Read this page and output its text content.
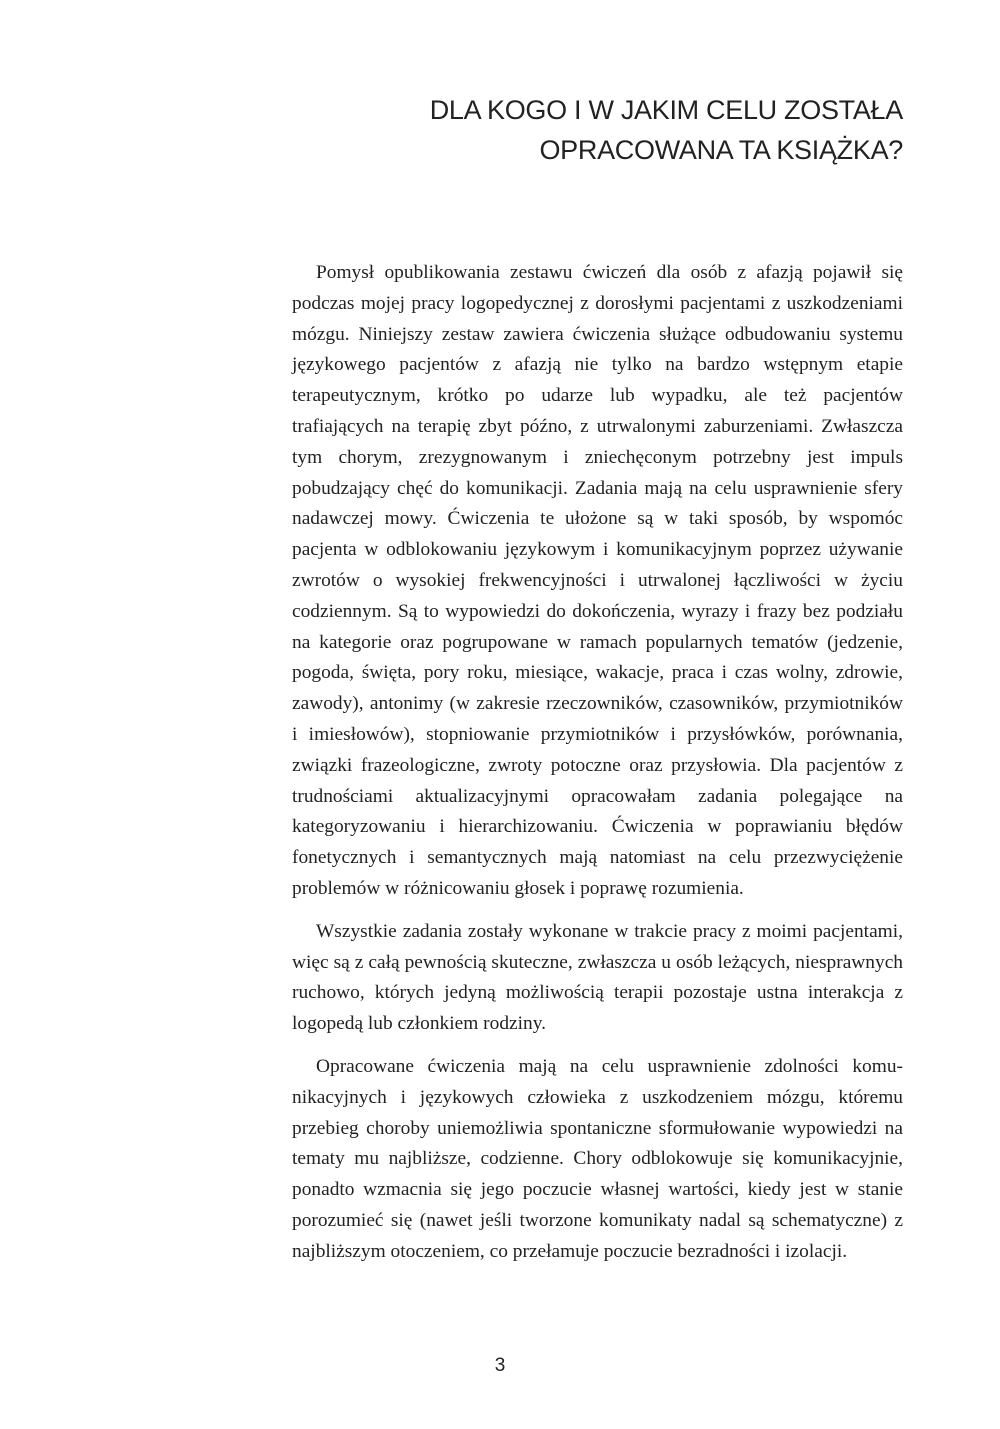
DLA KOGO I W JAKIM CELU ZOSTAŁA
OPRACOWANA TA KSIĄŻKA?

Pomysł opublikowania zestawu ćwiczeń dla osób z afazją pojawił się podczas mojej pracy logopedycznej z dorosłymi pacjentami z uszkodzeniami mózgu. Niniejszy zestaw zawiera ćwiczenia służące odbudowaniu systemu językowego pacjentów z afazją nie tylko na bardzo wstępnym etapie terapeutycznym, krótko po udarze lub wypadku, ale też pacjentów trafiających na terapię zbyt późno, z utrwalonymi zaburzeniami. Zwłaszcza tym chorym, zrezygnowanym i zniechęconym potrzebny jest impuls pobudzający chęć do komunikacji. Zadania mają na celu usprawnienie sfery nadawczej mowy. Ćwiczenia te ułożone są w taki sposób, by wspomóc pacjenta w odblokowaniu językowym i komunikacyjnym poprzez używanie zwrotów o wysokiej frekwencyjności i utrwalonej łączliwości w życiu codziennym. Są to wypowiedzi do dokończenia, wyrazy i frazy bez podziału na kategorie oraz pogrupowane w ramach popularnych tematów (jedzenie, pogoda, święta, pory roku, miesiące, wakacje, praca i czas wolny, zdrowie, zawody), antonimy (w zakresie rzeczowników, czasowników, przymiotników i imiesłowów), stopniowanie przymiotników i przysłówków, porównania, związki frazeologiczne, zwroty potoczne oraz przysłowia. Dla pacjentów z trudnościami aktualizacyjnymi opracowałam zadania polegające na kategoryzowaniu i hierarchizowaniu. Ćwiczenia w poprawianiu błędów fonetycznych i semantycznych mają natomiast na celu przezwyciężenie problemów w różnicowaniu głosek i poprawę rozumienia.

Wszystkie zadania zostały wykonane w trakcie pracy z moimi pacjentami, więc są z całą pewnością skuteczne, zwłaszcza u osób leżących, niesprawnych ruchowo, których jedyną możliwością terapii pozostaje ustna interakcja z logopedą lub członkiem rodziny.

Opracowane ćwiczenia mają na celu usprawnienie zdolności komunikacyjnych i językowych człowieka z uszkodzeniem mózgu, któremu przebieg choroby uniemożliwia spontaniczne sformułowanie wypowiedzi na tematy mu najbliższe, codzienne. Chory odblokowuje się komunikacyjnie, ponadto wzmacnia się jego poczucie własnej wartości, kiedy jest w stanie porozumieć się (nawet jeśli tworzone komunikaty nadal są schematyczne) z najbliższym otoczeniem, co przełamuje poczucie bezradności i izolacji.

3
